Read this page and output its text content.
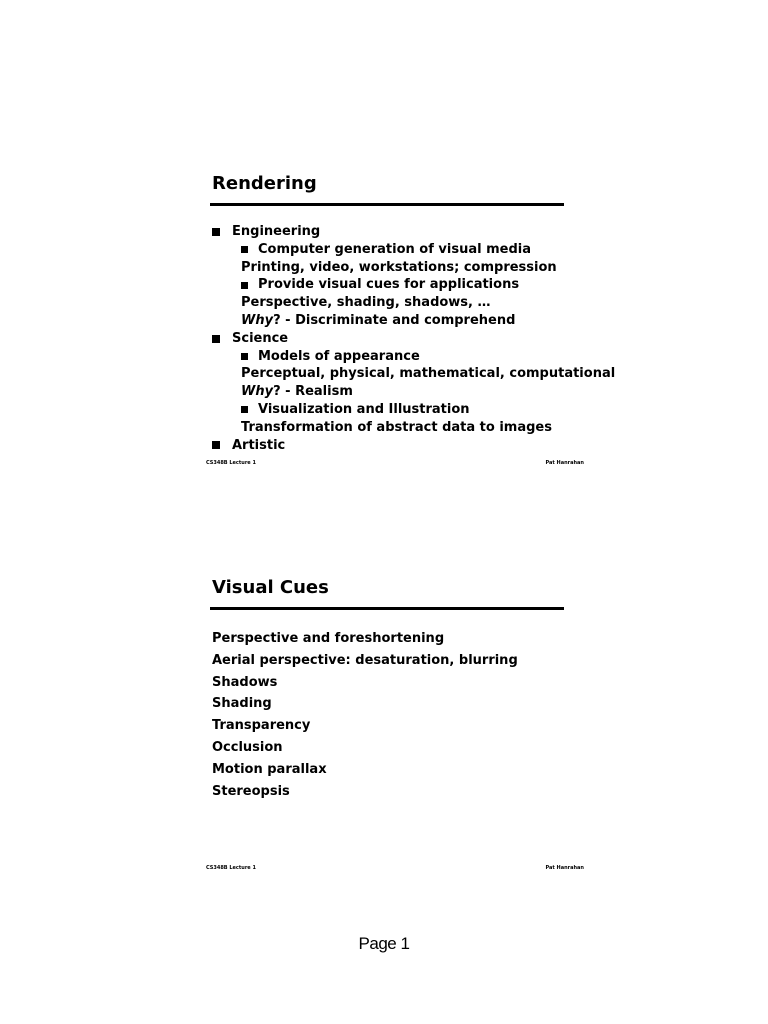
Rendering
Engineering
Computer generation of visual media
Printing, video, workstations; compression
Provide visual cues for applications
Perspective, shading, shadows, …
Why ? - Discriminate and comprehend
Science
Models of appearance
Perceptual, physical, mathematical, computational
Why ? - Realism
Visualization and Illustration
Transformation of abstract data to images
Artistic
CS348B Lecture 1	Pat Hanrahan
Visual Cues
Perspective and foreshortening
Aerial perspective: desaturation, blurring
Shadows
Shading
Transparency
Occlusion
Motion parallax
Stereopsis
CS348B Lecture 1	Pat Hanrahan
Page 1
